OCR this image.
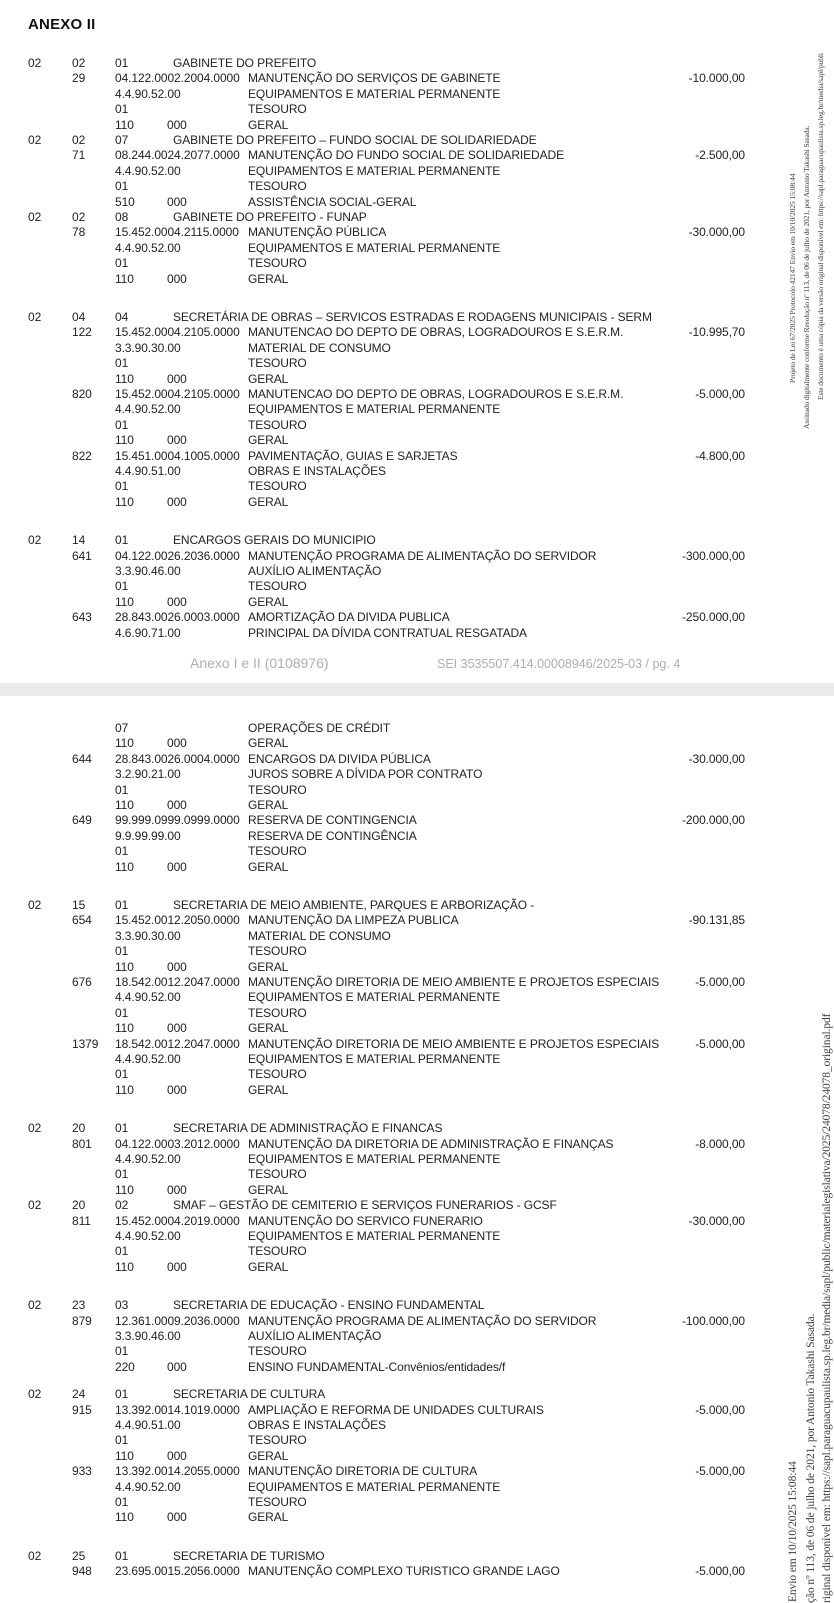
ANEXO II
02	02 01	GABINETE DO PREFEITO
29 04.122.0002.2004.0000 MANUTENÇÃO DO SERVIÇOS DE GABINETE	-10.000,00
4.4.90.52.00	EQUIPAMENTOS E MATERIAL PERMANENTE
01	TESOURO
110	000	GERAL
02	02 07	GABINETE DO PREFEITO – FUNDO SOCIAL DE SOLIDARIEDADE
71 08.244.0024.2077.0000 MANUTENÇÃO DO FUNDO SOCIAL DE SOLIDARIEDADE	-2.500,00
4.4.90.52.00	EQUIPAMENTOS E MATERIAL PERMANENTE
01	TESOURO
510	000	ASSISTÊNCIA SOCIAL-GERAL
02	02 08	GABINETE DO PREFEITO - FUNAP
78 15.452.0004.2115.0000 MANUTENÇÃO PÚBLICA	-30.000,00
4.4.90.52.00	EQUIPAMENTOS E MATERIAL PERMANENTE
01	TESOURO
110	000	GERAL
02	04 04	SECRETÁRIA DE OBRAS – SERVICOS ESTRADAS E RODAGENS MUNICIPAIS - SERM
122 15.452.0004.2105.0000 MANUTENCAO DO DEPTO DE OBRAS, LOGRADOUROS E S.E.R.M.	-10.995,70
3.3.90.30.00	MATERIAL DE CONSUMO
01	TESOURO
110	000	GERAL
820 15.452.0004.2105.0000 MANUTENCAO DO DEPTO DE OBRAS, LOGRADOUROS E S.E.R.M.	-5.000,00
4.4.90.52.00	EQUIPAMENTOS E MATERIAL PERMANENTE
01	TESOURO
110	000	GERAL
822 15.451.0004.1005.0000 PAVIMENTAÇÃO, GUIAS E SARJETAS	-4.800,00
4.4.90.51.00	OBRAS E INSTALAÇÕES
01	TESOURO
110	000	GERAL
02	14 01	ENCARGOS GERAIS DO MUNICIPIO
641 04.122.0026.2036.0000 MANUTENÇÃO PROGRAMA DE ALIMENTAÇÃO DO SERVIDOR	-300.000,00
3.3.90.46.00	AUXÍLIO ALIMENTAÇÃO
01	TESOURO
110	000	GERAL
643 28.843.0026.0003.0000 AMORTIZAÇÃO DA DIVIDA PUBLICA	-250.000,00
4.6.90.71.00	PRINCIPAL DA DÍVIDA CONTRATUAL RESGATADA
Anexo I e II (0108976)	SEI 3535507.414.00008946/2025-03 / pg. 4
07	OPERAÇÕES DE CRÉDIT
110	000	GERAL
644 28.843.0026.0004.0000 ENCARGOS DA DIVIDA PÚBLICA	-30.000,00
3.2.90.21.00	JUROS SOBRE A DÍVIDA POR CONTRATO
01	TESOURO
110	000	GERAL
649 99.999.0999.0999.0000 RESERVA DE CONTINGENCIA	-200.000,00
9.9.99.99.00	RESERVA DE CONTINGÊNCIA
01	TESOURO
110	000	GERAL
02	15 01	SECRETARIA DE MEIO AMBIENTE, PARQUES E ARBORIZAÇÃO -
654 15.452.0012.2050.0000 MANUTENÇÃO DA LIMPEZA PUBLICA	-90.131,85
3.3.90.30.00	MATERIAL DE CONSUMO
01	TESOURO
110	000	GERAL
676 18.542.0012.2047.0000 MANUTENÇÃO DIRETORIA DE MEIO AMBIENTE E PROJETOS ESPECIAIS	-5.000,00
4.4.90.52.00	EQUIPAMENTOS E MATERIAL PERMANENTE
01	TESOURO
110	000	GERAL
1379 18.542.0012.2047.0000 MANUTENÇÃO DIRETORIA DE MEIO AMBIENTE E PROJETOS ESPECIAIS	-5.000,00
4.4.90.52.00	EQUIPAMENTOS E MATERIAL PERMANENTE
01	TESOURO
110	000	GERAL
02	20 01	SECRETARIA DE ADMINISTRAÇÃO E FINANCAS
801 04.122.0003.2012.0000 MANUTENÇÃO DA DIRETORIA DE ADMINISTRAÇÃO E FINANÇAS	-8.000,00
4.4.90.52.00	EQUIPAMENTOS E MATERIAL PERMANENTE
01	TESOURO
110	000	GERAL
02	20 02	SMAF – GESTÃO DE CEMITERIO E SERVIÇOS FUNERARIOS - GCSF
811 15.452.0004.2019.0000 MANUTENÇÃO DO SERVICO FUNERARIO	-30.000,00
4.4.90.52.00	EQUIPAMENTOS E MATERIAL PERMANENTE
01	TESOURO
110	000	GERAL
02	23 03	SECRETARIA DE EDUCAÇÃO - ENSINO FUNDAMENTAL
879 12.361.0009.2036.0000 MANUTENÇÃO PROGRAMA DE ALIMENTAÇÃO DO SERVIDOR	-100.000,00
3.3.90.46.00	AUXÍLIO ALIMENTAÇÃO
01	TESOURO
220	000	ENSINO FUNDAMENTAL-Convênios/entidades/f
02	24 01	SECRETARIA DE CULTURA
915 13.392.0014.1019.0000 AMPLIAÇÃO E REFORMA DE UNIDADES CULTURAIS	-5.000,00
4.4.90.51.00	OBRAS E INSTALAÇÕES
01	TESOURO
110	000	GERAL
933 13.392.0014.2055.0000 MANUTENÇÃO DIRETORIA DE CULTURA	-5.000,00
4.4.90.52.00	EQUIPAMENTOS E MATERIAL PERMANENTE
01	TESOURO
110	000	GERAL
02	25 01	SECRETARIA DE TURISMO
948 23.695.0015.2056.0000 MANUTENÇÃO COMPLEXO TURISTICO GRANDE LAGO	-5.000,00
Projeto de Lei 67/2025 Protocolo 42147 Envio em 10/10/2025 15:08:44 Assinado digitalmente conforme Resolução nº 113, de 06 de julho de 2021, por Antonio Takashi Sasada. Este documento é uma cópia da versão original disponível em: https://sapl.paraguacupaulista.sp.leg.br/media/sapl/publi
Envio em 10/10/2025 15:08:44 ção nº 113, de 06 de julho de 2021, por Antonio Takashi Sasada. riginal disponível em: https://sapl.paraguacupaulista.sp.leg.br/media/sapl/public/materialegislativa/2025/24078/24078_original.pdf
